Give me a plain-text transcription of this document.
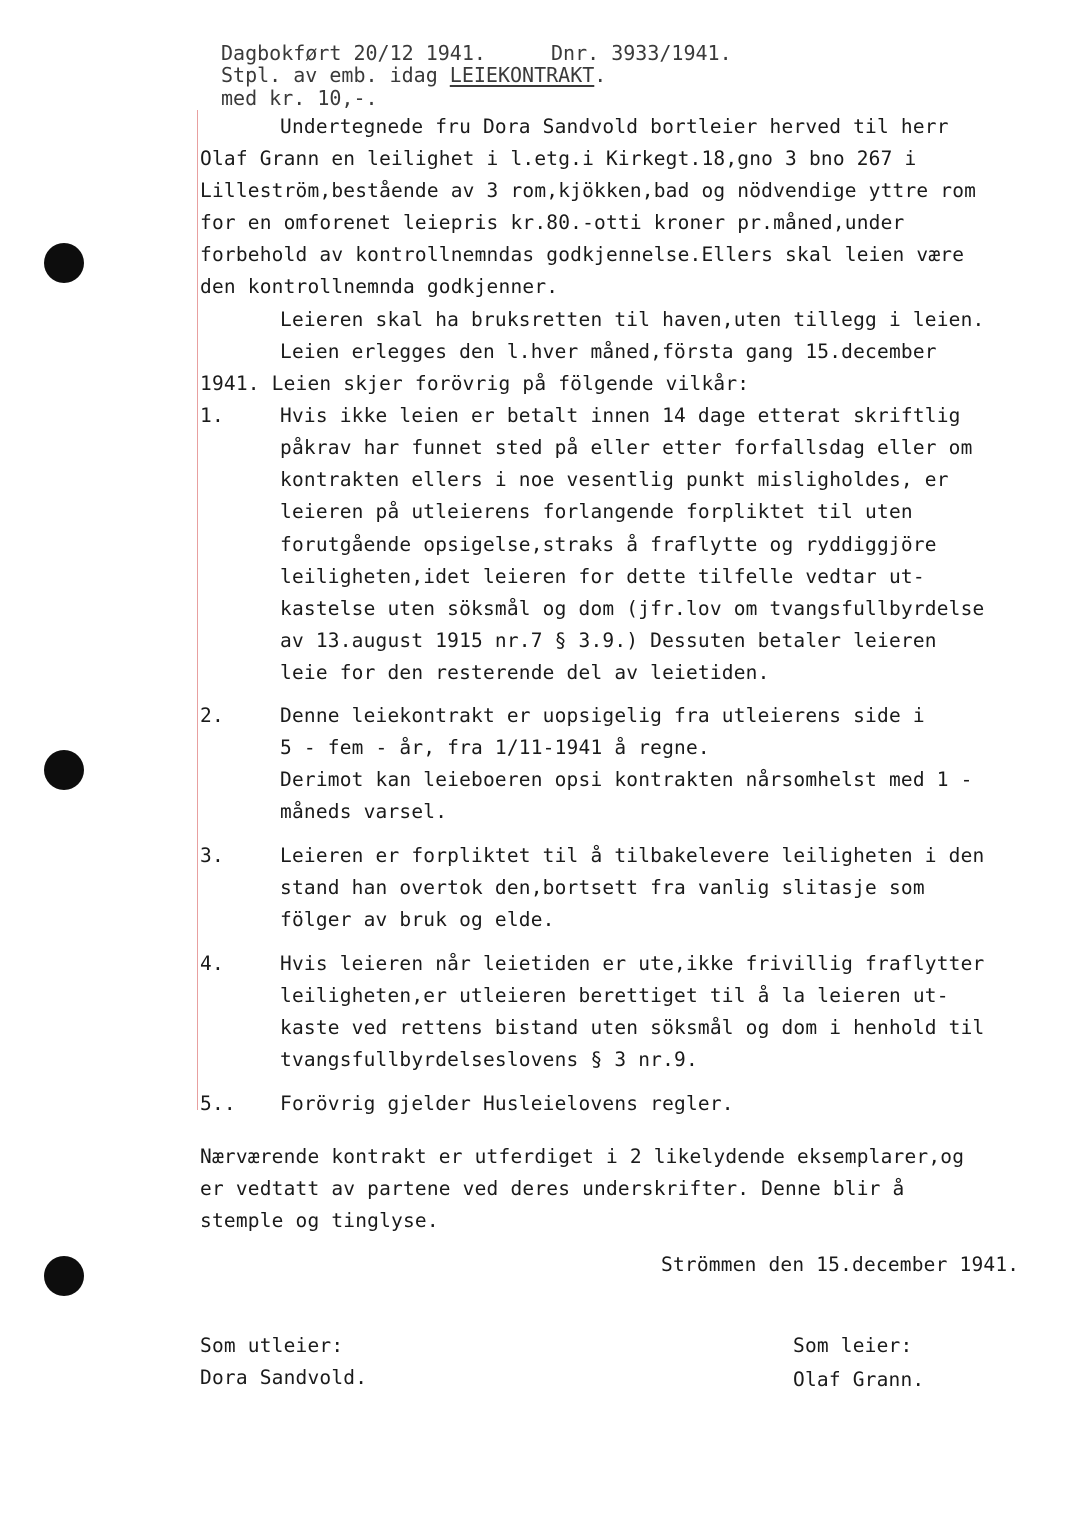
Dagbokført 20/12 1941.	Dnr. 3933/1941.
Stpl. av emb. idag LEIEKONTRAKT.
med kr. 10,-.
Undertegnede fru Dora Sandvold bortleier herved til herr
Olaf Grann en leilighet i l.etg.i Kirkegt.18,gno 3 bno 267 i
Lilleström,bestående av 3 rom,kjökken,bad og nödvendige yttre rom
for en omforenet leiepris kr.80.-otti kroner pr.måned,under
forbehold av kontrollnemndas godkjennelse.Ellers skal leien være
den kontrollnemnda godkjenner.
Leieren skal ha bruksretten til haven,uten tillegg i leien.
Leien erlegges den l.hver måned,första gang 15.december
1941. Leien skjer forövrig på fölgende vilkår:
1.	Hvis ikke leien er betalt innen 14 dage etterat skriftlig
påkrav har funnet sted på eller etter forfallsdag eller om
kontrakten ellers i noe vesentlig punkt misligholdes, er
leieren på utleierens forlangende forpliktet til uten
forutgående opsigelse,straks å fraflytte og ryddiggjöre
leiligheten,idet leieren for dette tilfelle vedtar ut-
kastelse uten söksmål og dom (jfr.lov om tvangsfullbyrdelse
av 13.august 1915 nr.7 § 3.9.) Dessuten betaler leieren
leie for den resterende del av leietiden.
2.	Denne leiekontrakt er uopsigelig fra utleierens side i
5 - fem - år, fra 1/11-1941 å regne.
Derimot kan leieboeren opsi kontrakten nårsomhelst med 1 -
måneds varsel.
3.	Leieren er forpliktet til å tilbakelevere leiligheten i den
stand han overtok den,bortsett fra vanlig slitasje som
fölger av bruk og elde.
4.	Hvis leieren når leietiden er ute,ikke frivillig fraflytter
leiligheten,er utleieren berettiget til å la leieren ut-
kaste ved rettens bistand uten söksmål og dom i henhold til
tvangsfullbyrdelseslovens § 3 nr.9.
5.. Forövrig gjelder Husleielovens regler.
Nærværende kontrakt er utferdiget i 2 likelydende eksemplarer,og
er vedtatt av partene ved deres underskrifter. Denne blir å
stemple og tinglyse.
Strömmen den 15.december 1941.
Som utleier:
Dora Sandvold.
Som leier:
Olaf Grann.
